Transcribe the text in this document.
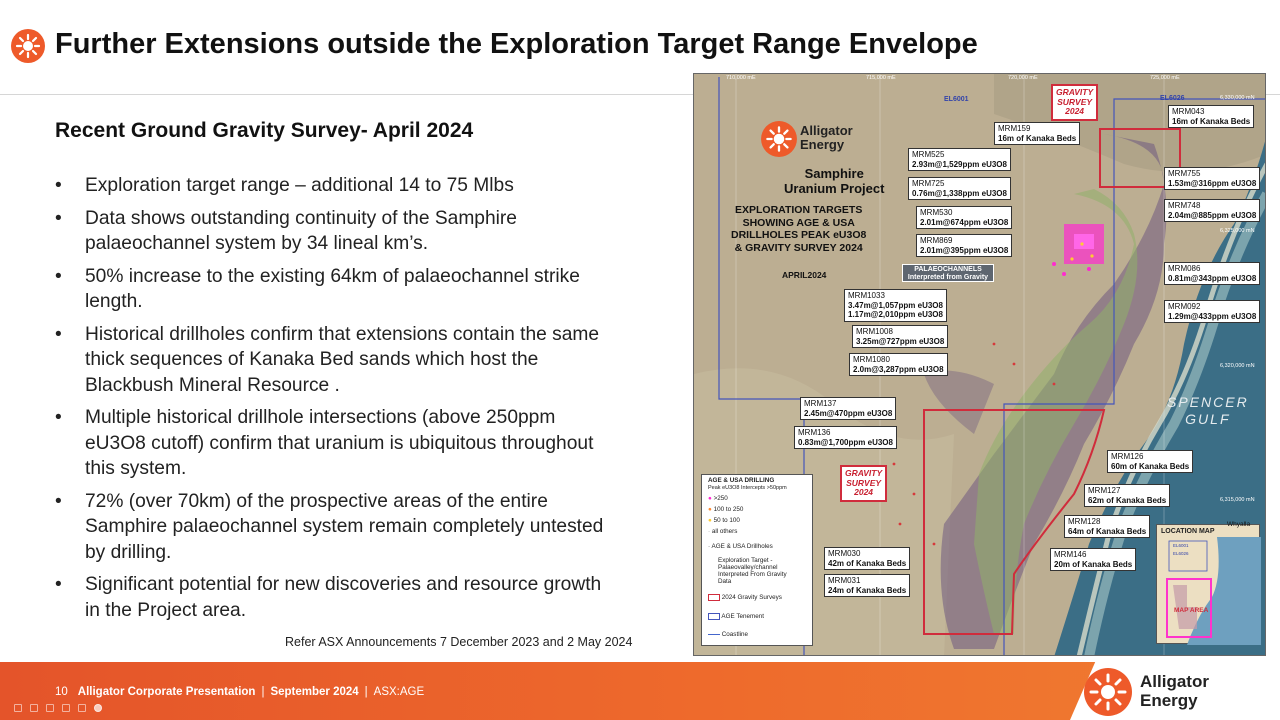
Further Extensions outside the Exploration Target Range Envelope
Recent Ground Gravity Survey- April 2024
• Exploration target range – additional 14 to 75 Mlbs
• Data shows outstanding continuity of the Samphire
palaeochannel system by 34 lineal km’s.
• 50% increase to the existing 64km of palaeochannel strike
length.
• Historical drillholes confirm that extensions contain the same
thick sequences of Kanaka Bed sands which host the
Blackbush Mineral Resource .
• Multiple historical drillhole intersections (above 250ppm
eU3O8 cutoff) confirm that uranium is ubiquitous throughout
this system.
• 72% (over 70km) of the prospective areas of the entire
Samphire palaeochannel system remain completely untested
by drilling.
• Significant potential for new discoveries and resource growth
in the Project area.
Refer ASX Announcements 7 December 2023 and 2 May 2024
710,000 mE	715,000 mE	720,000 mE	725,000 mE
6,330,000 mN
6,325,000 mN
6,320,000 mN
6,315,000 mN
EL6001	EL6026
Alligator
Energy
Samphire
Uranium Project
EXPLORATION TARGETS
SHOWING AGE & USA
DRILLHOLES PEAK eU3O8
& GRAVITY SURVEY 2024
APRIL2024
GRAVITY
SURVEY
2024
GRAVITY
SURVEY
2024
PALAEOCHANNELS
Interpreted from Gravity
SPENCER
GULF
MRM159
16m of Kanaka Beds
MRM043
16m of Kanaka Beds
MRM525
2.93m@1,529ppm eU3O8
MRM725
0.76m@1,338ppm eU3O8
MRM755
1.53m@316ppm eU3O8
MRM530
2.01m@674ppm eU3O8
MRM748
2.04m@885ppm eU3O8
MRM869
2.01m@395ppm eU3O8
MRM086
0.81m@343ppm eU3O8
MRM1033
3.47m@1,057ppm eU3O8
1.17m@2,010ppm eU3O8
MRM092
1.29m@433ppm eU3O8
MRM1008
3.25m@727ppm eU3O8
MRM1080
2.0m@3,287ppm eU3O8
MRM137
2.45m@470ppm eU3O8
MRM136
0.83m@1,700ppm eU3O8
MRM126
60m of Kanaka Beds
MRM127
62m of Kanaka Beds
MRM128
64m of Kanaka Beds
MRM146
20m of Kanaka Beds
MRM030
42m of Kanaka Beds
MRM031
24m of Kanaka Beds
AGE & USA DRILLING
Peak eU3O8 Intercepts >50ppm
● >250
● 100 to 250
● 50 to 100
· all others
· AGE & USA Drillholes
Exploration Target -
Palaeovalley/channel
Interpreted From Gravity
Data
2024 Gravity Surveys
AGE Tenement
Coastline
LOCATION MAP
Whyalla
EL6001
EL6026
MAP AREA
10 Alligator Corporate Presentation | September 2024 | ASX:AGE
Alligator
Energy
